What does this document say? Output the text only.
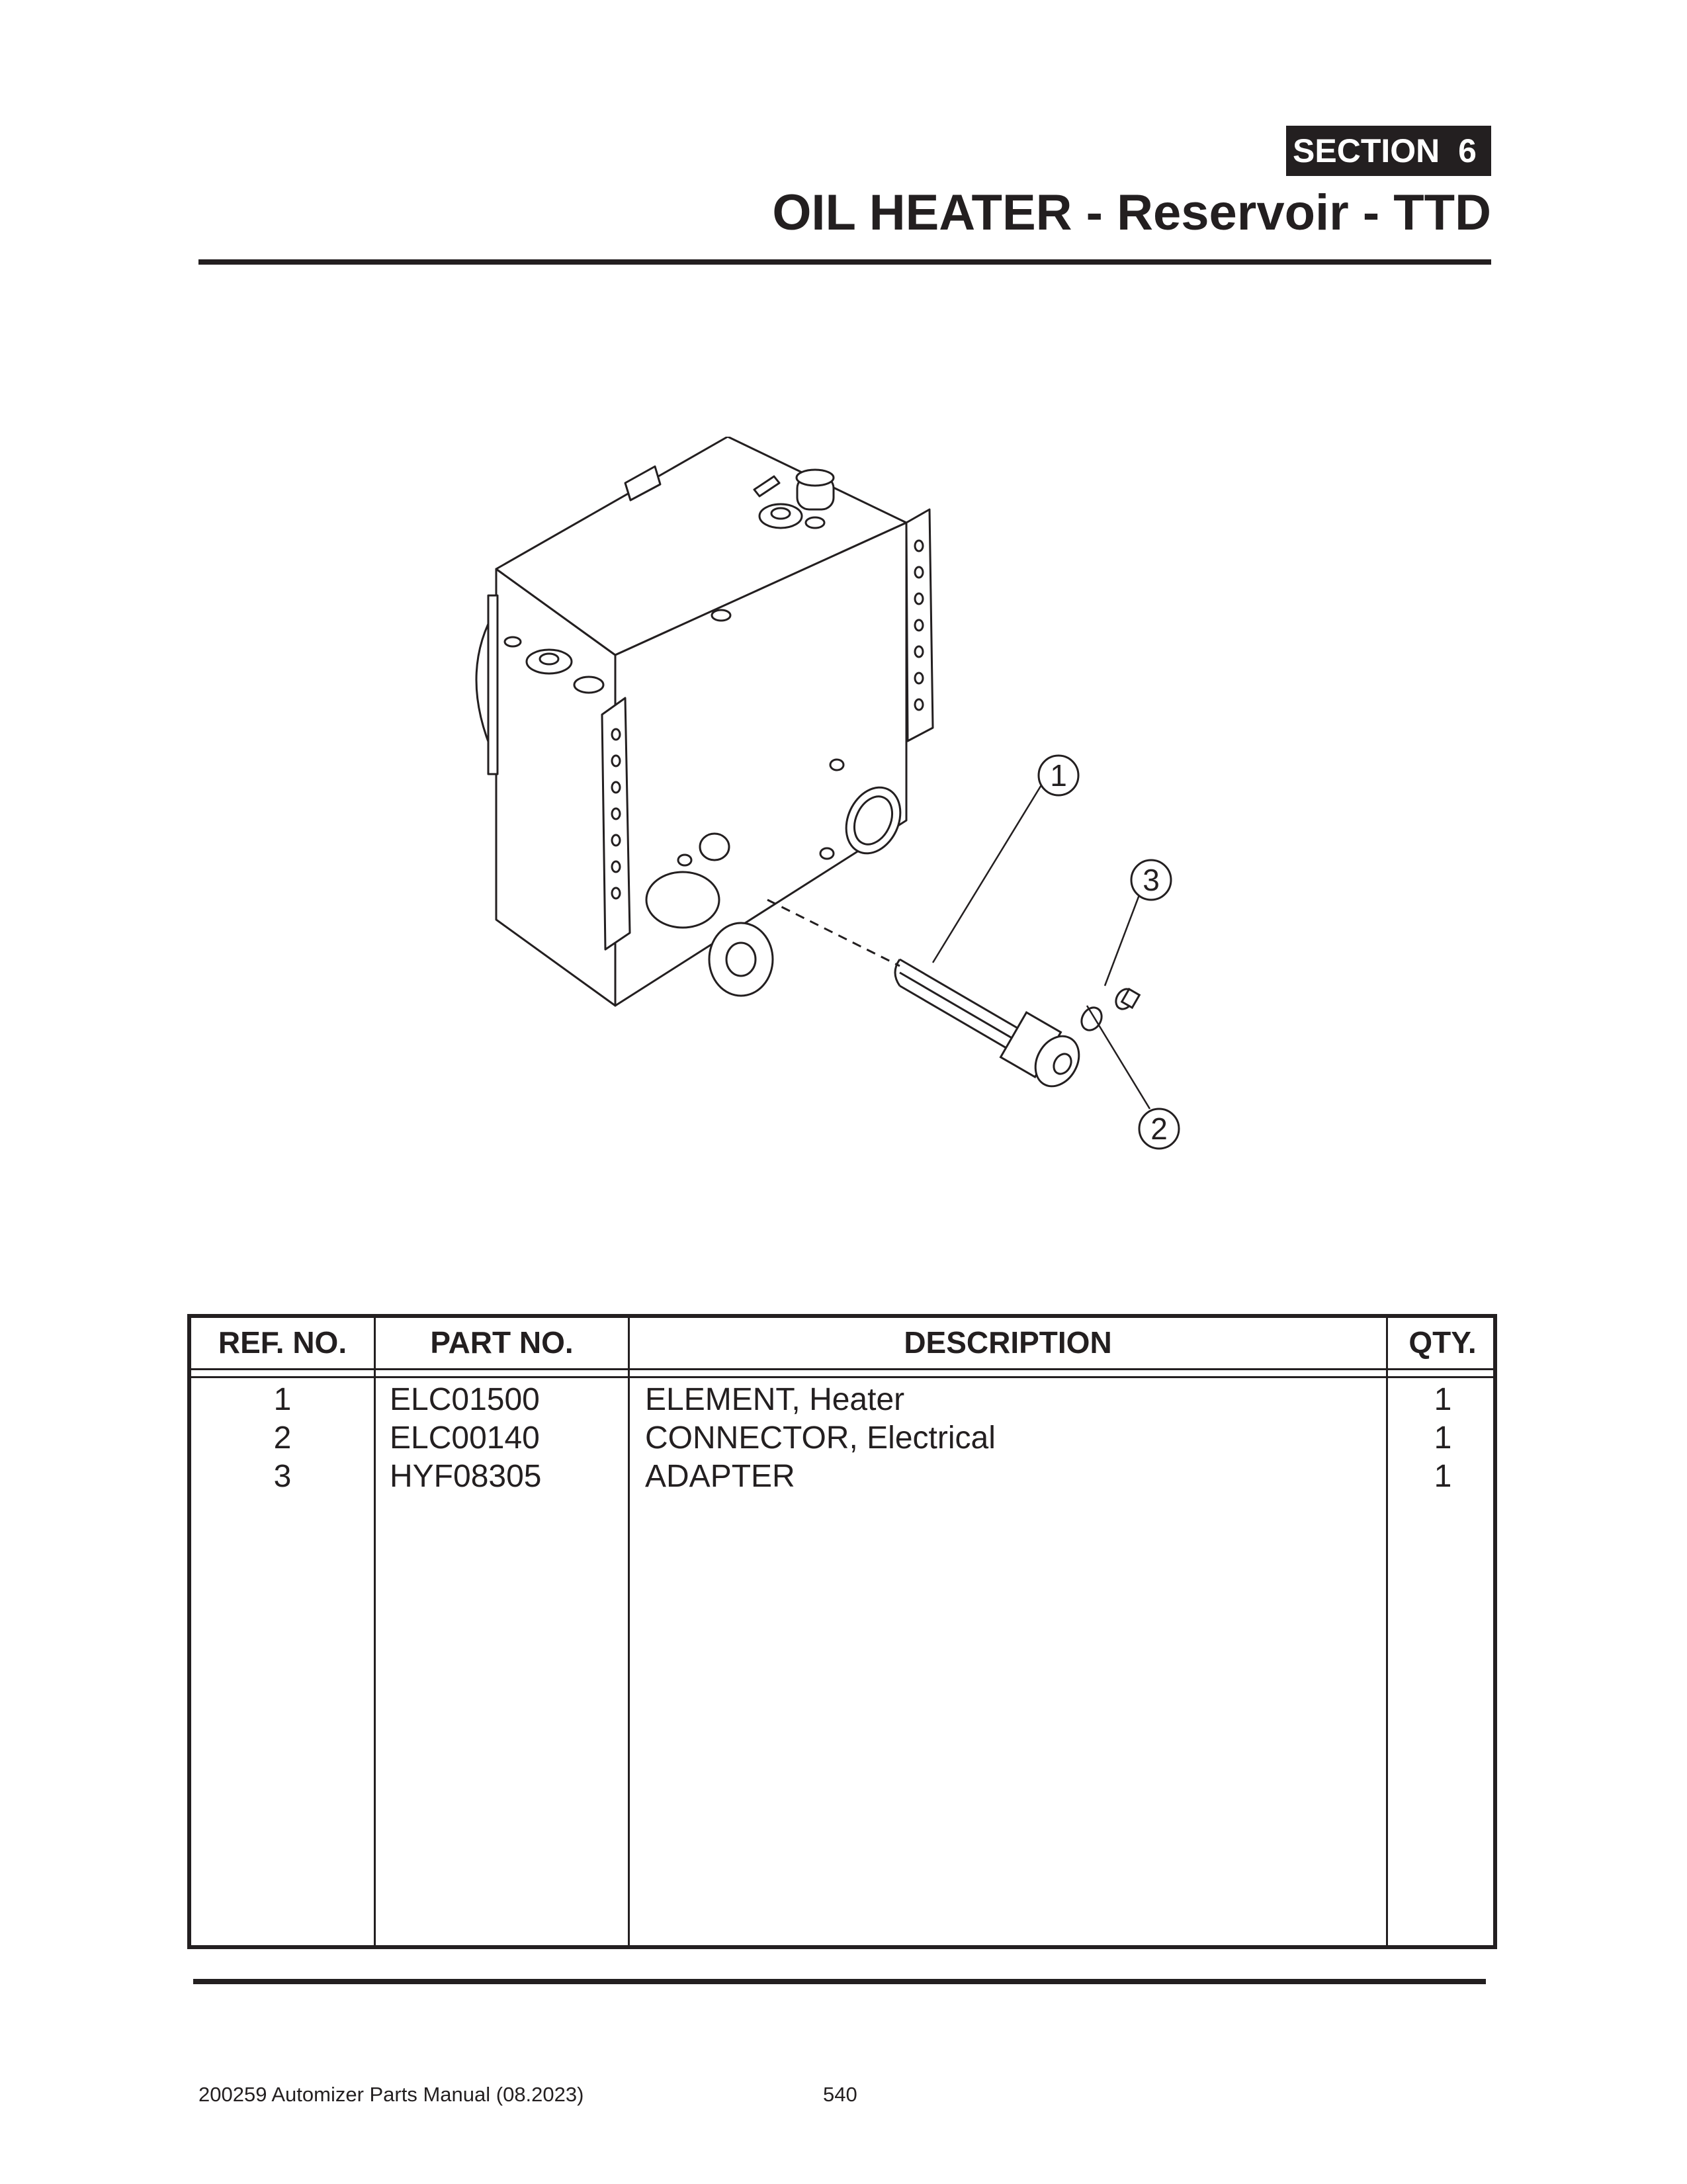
SECTION 6
OIL HEATER - Reservoir - TTD
1
3
2
REF. NO.	PART NO.	DESCRIPTION	QTY.
1	ELC01500	ELEMENT, Heater	1
2	ELC00140	CONNECTOR, Electrical	1
3	HYF08305	ADAPTER	1
200259 Automizer Parts Manual (08.2023)	540
